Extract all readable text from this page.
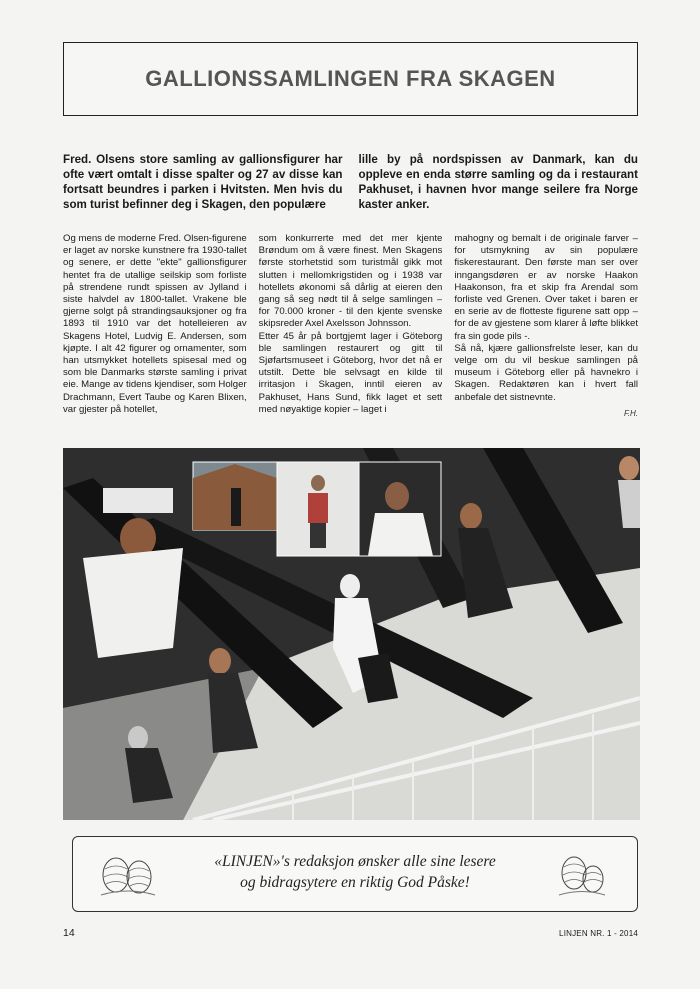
GALLIONSSAMLINGEN FRA SKAGEN

Fred. Olsens store samling av gallionsfigurer har ofte vært omtalt i disse spalter og 27 av disse kan fortsatt beundres i parken i Hvitsten. Men hvis du som turist befinner deg i Skagen, den populære

lille by på nordspissen av Danmark, kan du oppleve en enda større samling og da i restaurant Pakhuset, i havnen hvor mange seilere fra Norge kaster anker.

Og mens de moderne Fred. Olsen-figurene er laget av norske kunstnere fra 1930-tallet og senere, er dette "ekte" gallionsfigurer hentet fra de utallige seilskip som forliste på strendene rundt spissen av Jylland i siste halvdel av 1800-tallet. Vrakene ble gjerne solgt på strandingsauksjoner og fra 1893 til 1910 var det hotelleieren av Skagens Hotel, Ludvig E. Andersen, som kjøpte. I alt 42 figurer og ornamenter, som han utsmykket hotellets spisesal med og som ble Danmarks største samling i privat eie. Mange av tidens kjendiser, som Holger Drachmann, Evert Taube og Karen Blixen, var gjester på hotellet,

som konkurrerte med det mer kjente Brøndum om å være finest. Men Skagens første storhetstid som turistmål gikk mot slutten i mellomkrigstiden og i 1938 var hotellets økonomi så dårlig at eieren den gang så seg nødt til å selge samlingen – for 70.000 kroner - til den kjente svenske skipsreder Axel Axelsson Johnsson.

Etter 45 år på bortgjemt lager i Göteborg ble samlingen restaurert og gitt til Sjøfartsmuseet i Göteborg, hvor det nå er utstilt. Dette ble selvsagt en kilde til irritasjon i Skagen, inntil eieren av Pakhuset, Hans Sund, fikk laget et sett med nøyaktige kopier – laget i

mahogny og bemalt i de originale farver – for utsmykning av sin populære fiskerestaurant. Den første man ser over inngangsdøren er av norske Haakon Haakonson, fra et skip fra Arendal som forliste ved Grenen. Over taket i baren er en serie av de flotteste figurene satt opp – for de av gjestene som klarer å løfte blikket fra sin gode pils -.

Så nå, kjære gallionsfrelste leser, kan du velge om du vil beskue samlingen på museum i Göteborg eller på havnekro i Skagen. Redaktøren kan i hvert fall anbefale det sistnevnte.

F.H.
«LINJEN»'s redaksjon ønsker alle sine lesere
og bidragsytere en riktig God Påske!
14	LINJEN NR. 1 - 2014
